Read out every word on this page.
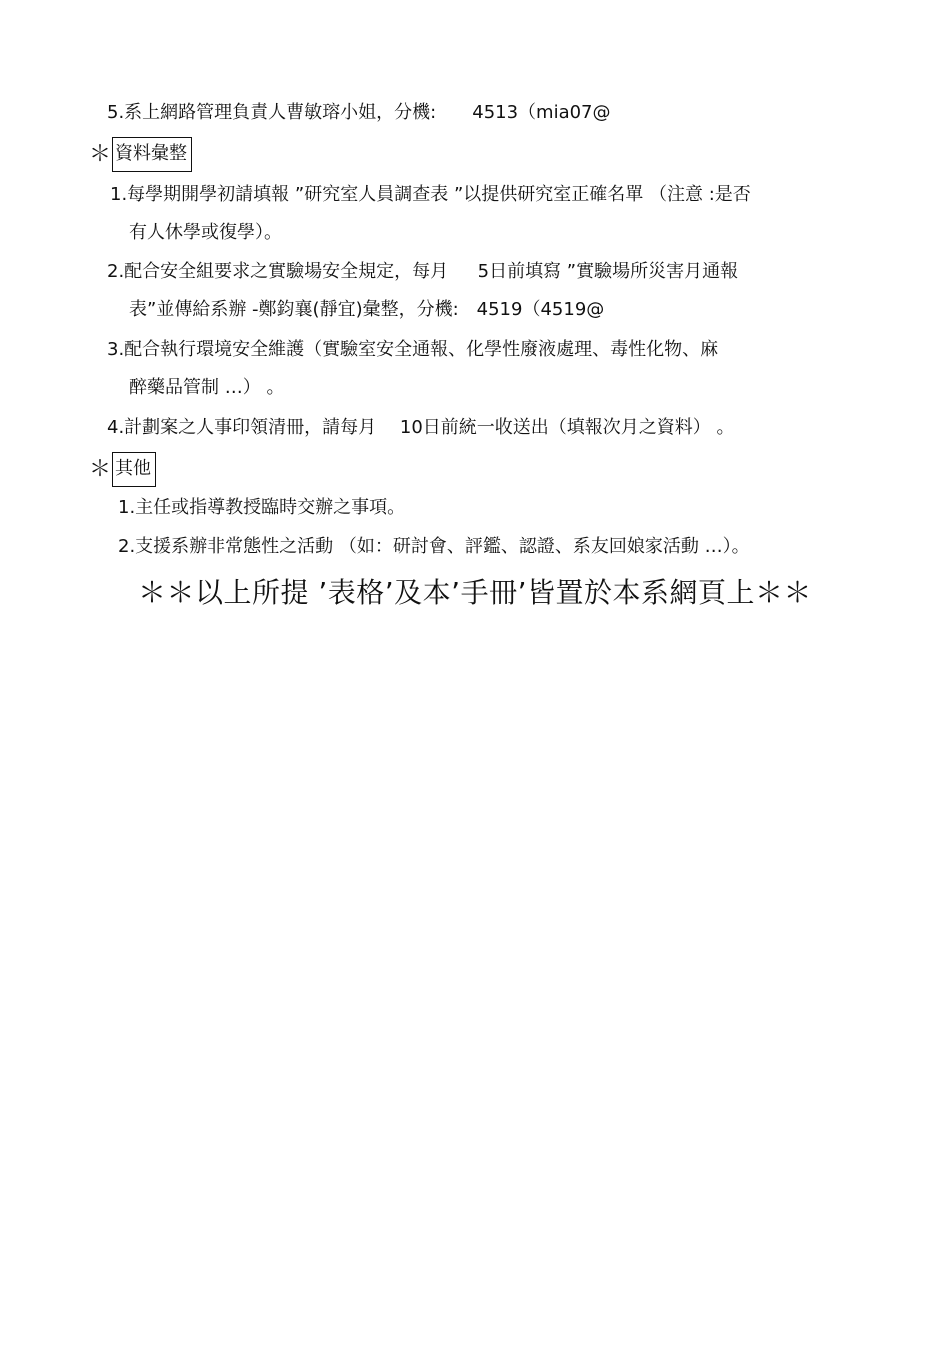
5.系上網路管理負責人曹敏瑢小姐，分機:　　4513（mia07@
＊ 資料彙整
1.每學期開學初請填報 ”研究室人員調查表 ”以提供研究室正確名單 （注意 :是否
有人休學或復學）。
2.配合安全組要求之實驗場安全規定，每月　  5日前填寫 ”實驗場所災害月通報
表”並傳給系辦 -鄭鈞襄(靜宜)彙整，分機:　4519（4519@
3.配合執行環境安全維護（實驗室安全通報、化學性廢液處理、毒性化物、麻
醉藥品管制 …） 。
4.計劃案之人事印領清冊，請每月　 10日前統一收送出（填報次月之資料） 。
＊ 其他
1.主任或指導教授臨時交辦之事項。
2.支援系辦非常態性之活動 （如：研討會、評鑑、認證、系友回娘家活動 …）。
＊＊以上所提 ’表格’及本’手冊’皆置於本系網頁上＊＊
